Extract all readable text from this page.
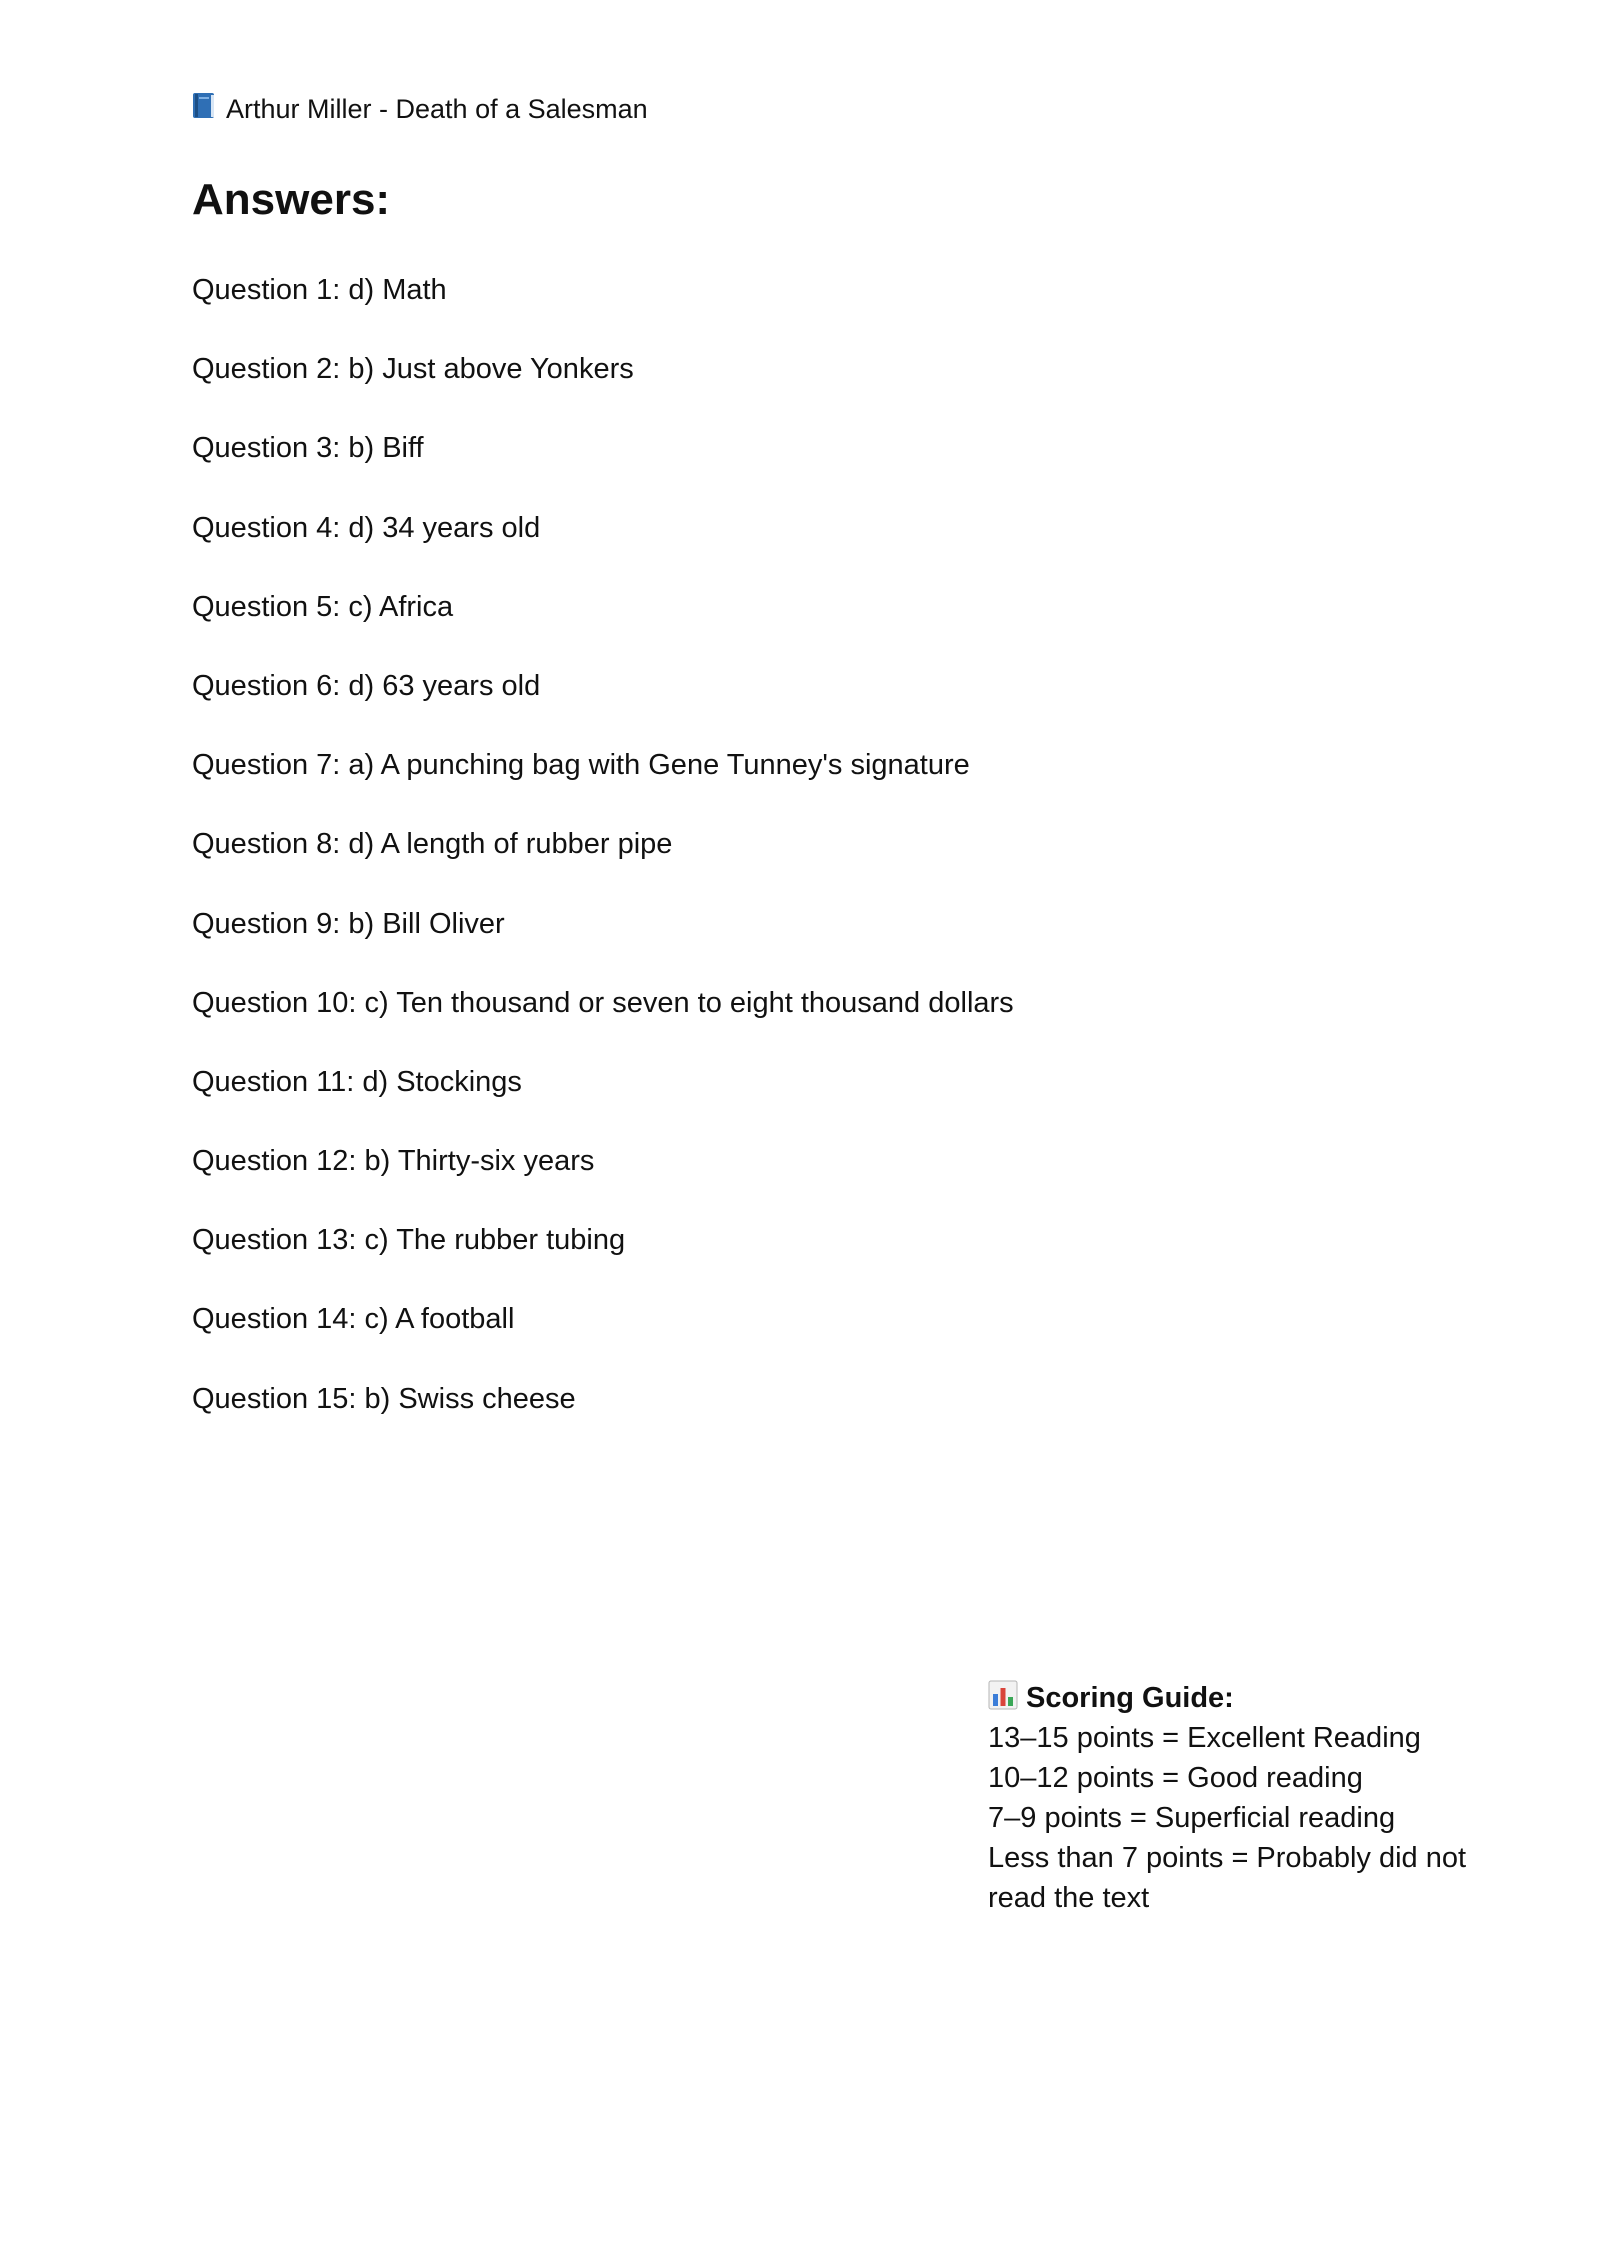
Arthur Miller - Death of a Salesman
Answers:
Question 1: d) Math
Question 2: b) Just above Yonkers
Question 3: b) Biff
Question 4: d) 34 years old
Question 5: c) Africa
Question 6: d) 63 years old
Question 7: a) A punching bag with Gene Tunney's signature
Question 8: d) A length of rubber pipe
Question 9: b) Bill Oliver
Question 10: c) Ten thousand or seven to eight thousand dollars
Question 11: d) Stockings
Question 12: b) Thirty-six years
Question 13: c) The rubber tubing
Question 14: c) A football
Question 15: b) Swiss cheese
Scoring Guide:
13–15 points = Excellent Reading
10–12 points = Good reading
7–9 points = Superficial reading
Less than 7 points = Probably did not read the text
